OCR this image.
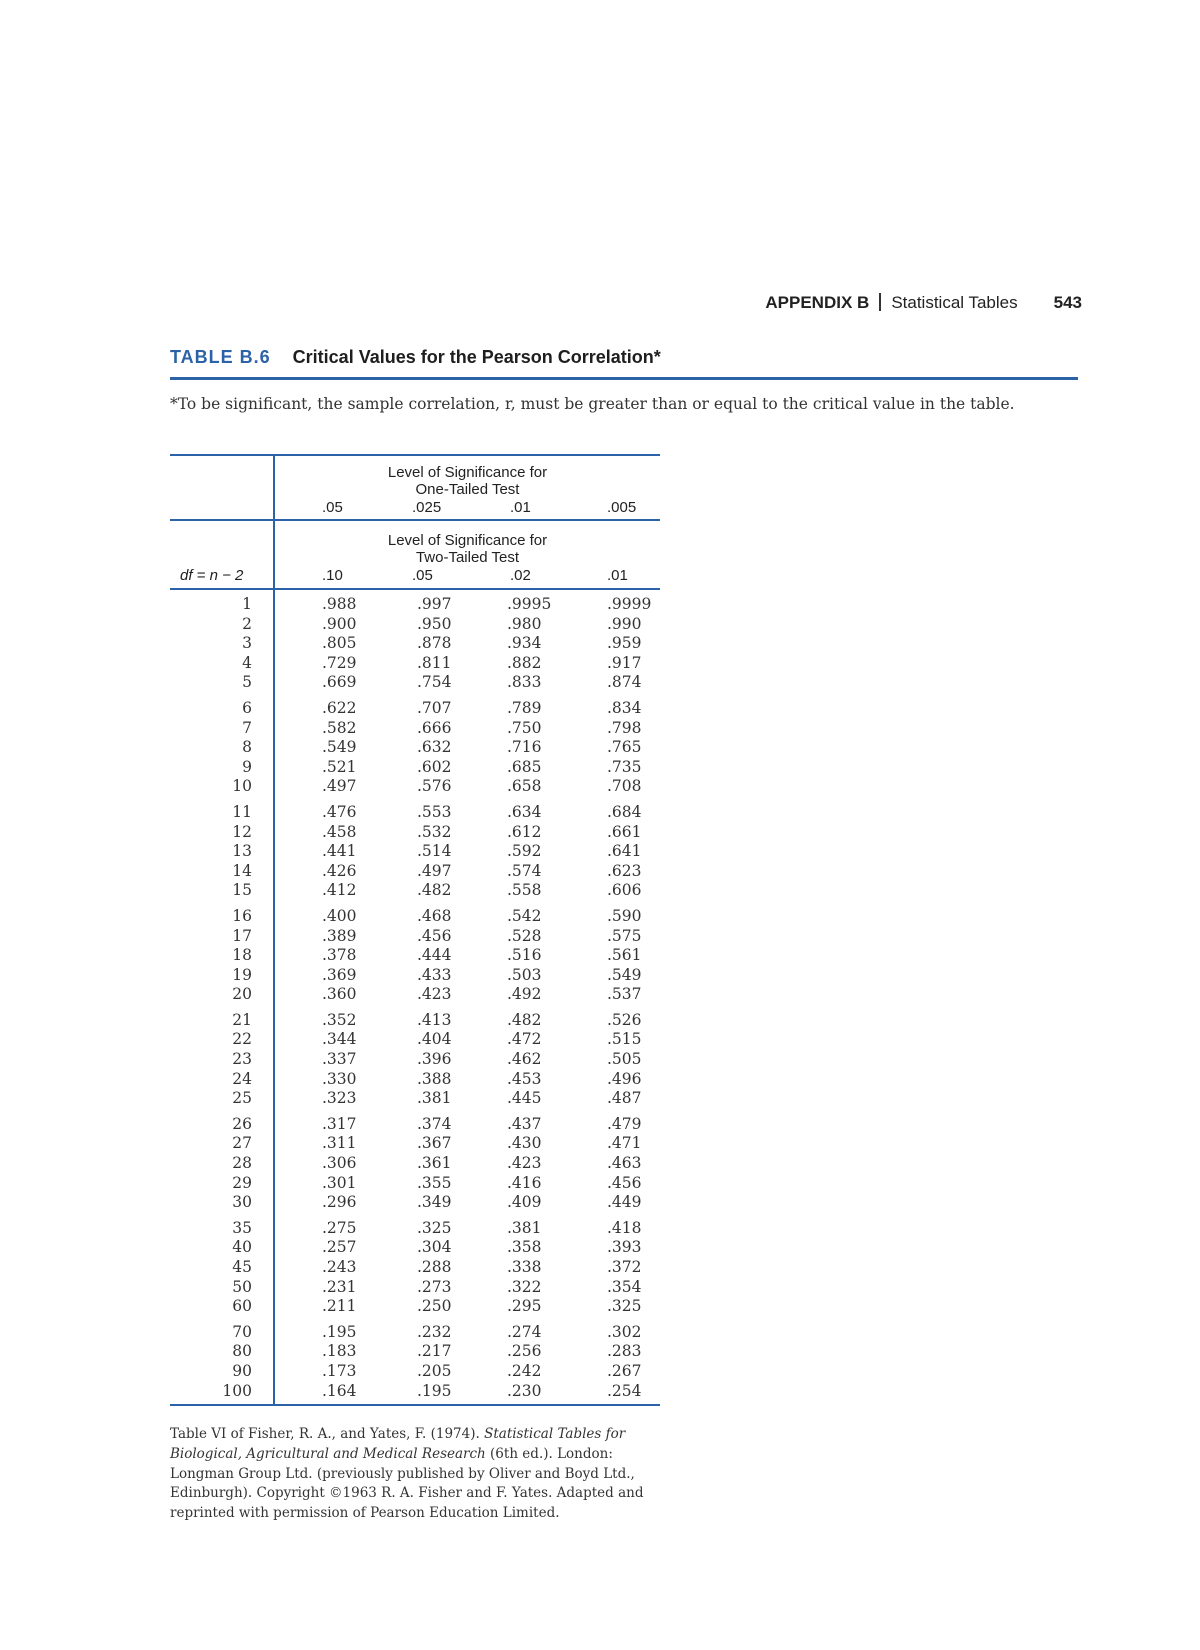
APPENDIX B Statistical Tables 543
TABLE B.6 Critical Values for the Pearson Correlation*
*To be significant, the sample correlation, r, must be greater than or equal to the critical value in the table.
Level of Significance for
One-Tailed Test
.05	.025	.01	.005
Level of Significance for
Two-Tailed Test
df = n − 2	.10	.05	.02	.01
1	.988	.997	.9995	.9999
2	.900	.950	.980	.990
3	.805	.878	.934	.959
4	.729	.811	.882	.917
5	.669	.754	.833	.874
6	.622	.707	.789	.834
7	.582	.666	.750	.798
8	.549	.632	.716	.765
9	.521	.602	.685	.735
10	.497	.576	.658	.708
11	.476	.553	.634	.684
12	.458	.532	.612	.661
13	.441	.514	.592	.641
14	.426	.497	.574	.623
15	.412	.482	.558	.606
16	.400	.468	.542	.590
17	.389	.456	.528	.575
18	.378	.444	.516	.561
19	.369	.433	.503	.549
20	.360	.423	.492	.537
21	.352	.413	.482	.526
22	.344	.404	.472	.515
23	.337	.396	.462	.505
24	.330	.388	.453	.496
25	.323	.381	.445	.487
26	.317	.374	.437	.479
27	.311	.367	.430	.471
28	.306	.361	.423	.463
29	.301	.355	.416	.456
30	.296	.349	.409	.449
35	.275	.325	.381	.418
40	.257	.304	.358	.393
45	.243	.288	.338	.372
50	.231	.273	.322	.354
60	.211	.250	.295	.325
70	.195	.232	.274	.302
80	.183	.217	.256	.283
90	.173	.205	.242	.267
100	.164	.195	.230	.254
Table VI of Fisher, R. A., and Yates, F. (1974). Statistical Tables for Biological, Agricultural and Medical Research (6th ed.). London: Longman Group Ltd. (previously published by Oliver and Boyd Ltd., Edinburgh). Copyright ©1963 R. A. Fisher and F. Yates. Adapted and reprinted with permission of Pearson Education Limited.
